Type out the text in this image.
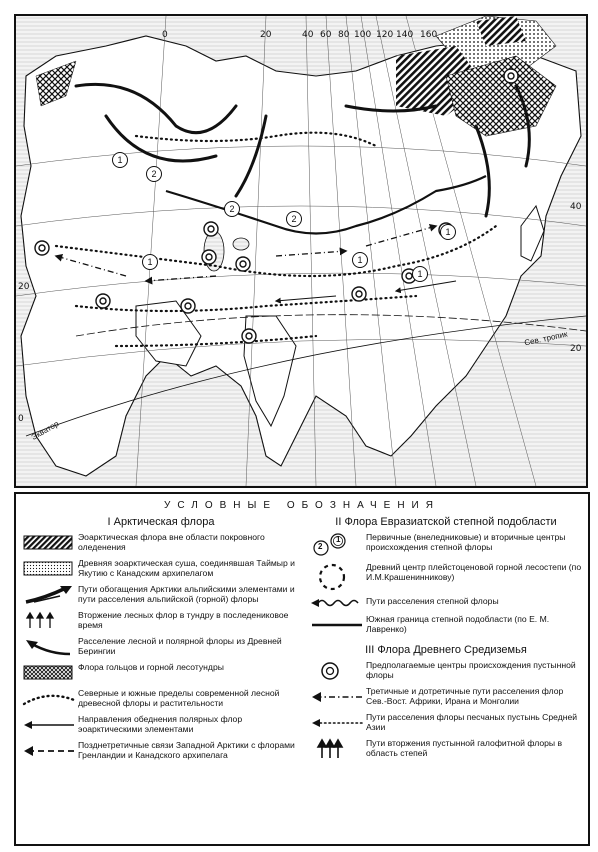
1
2
1
2
2
1
1
1
0	20	40 60 80 100 120 140 160
20
0
40
20
Экватор
Сев. тропик
УСЛОВНЫЕ ОБОЗНАЧЕНИЯ
I Арктическая флора
Эоарктическая флора вне области покровного оледенения
Древняя эоарктическая суша, соединявшая Таймыр и Якутию с Канадским архипелагом
Пути обогащения Арктики альпийскими элементами и пути расселения альпийской (горной) флоры
Вторжение лесных флор в тундру в последениковое время
Расселение лесной и полярной флоры из Древней Берингии
Флора гольцов и горной лесотундры
Северные и южные пределы современной лесной древесной флоры и растительности
Направления обеднения полярных флор эоарктическими элементами
Позднетретичные связи Западной Арктики с флорами Гренландии и Канадского архипелага
II Флора Евразиатской степной подобласти
2
1	Первичные (внеледниковые) и вторичные центры происхождения степной флоры
Древний центр плейстоценовой горной лесостепи (по И.М.Крашенинникову)
Пути расселения степной флоры
Южная граница степной подобласти (по Е. М. Лавренко)
III Флора Древнего Средиземья
Предполагаемые центры происхождения пустынной флоры
Третичные и дотретичные пути расселения флор Сев.-Вост. Африки, Ирана и Монголии
Пути расселения флоры песчаных пустынь Средней Азии
Пути вторжения пустынной галофитной флоры в область степей
